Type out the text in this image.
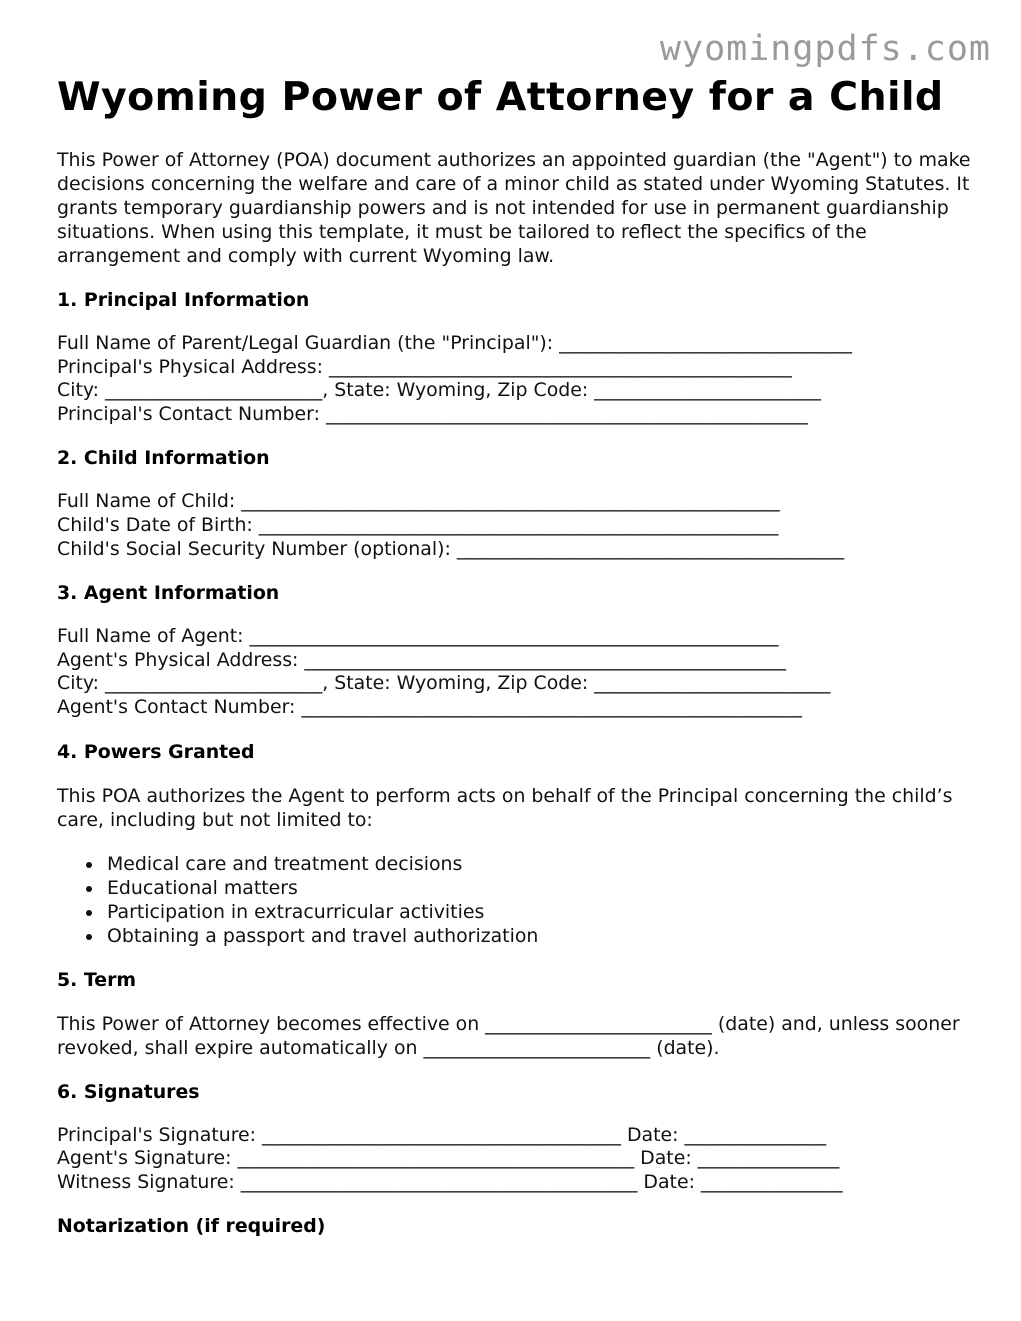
wyomingpdfs.com
Wyoming Power of Attorney for a Child

This Power of Attorney (POA) document authorizes an appointed guardian (the "Agent") to make decisions concerning the welfare and care of a minor child as stated under Wyoming Statutes. It grants temporary guardianship powers and is not intended for use in permanent guardianship situations. When using this template, it must be tailored to reflect the specifics of the arrangement and comply with current Wyoming law.

1. Principal Information
Full Name of Parent/Legal Guardian (the "Principal"): _______________________________
Principal's Physical Address: _________________________________________________
City: _______________________, State: Wyoming, Zip Code: ________________________
Principal's Contact Number: ___________________________________________________
2. Child Information
Full Name of Child: _________________________________________________________
Child's Date of Birth: _______________________________________________________
Child's Social Security Number (optional): _________________________________________
3. Agent Information
Full Name of Agent: ________________________________________________________
Agent's Physical Address: ___________________________________________________
City: _______________________, State: Wyoming, Zip Code: _________________________
Agent's Contact Number: _____________________________________________________
4. Powers Granted

This POA authorizes the Agent to perform acts on behalf of the Principal concerning the child’s care, including but not limited to:

Medical care and treatment decisions
Educational matters
Participation in extracurricular activities
Obtaining a passport and travel authorization
5. Term

This Power of Attorney becomes effective on ________________________ (date) and, unless sooner revoked, shall expire automatically on ________________________ (date).

6. Signatures
Principal's Signature: ______________________________________ Date: _______________
Agent's Signature: __________________________________________ Date: _______________
Witness Signature: __________________________________________ Date: _______________
Notarization (if required)
